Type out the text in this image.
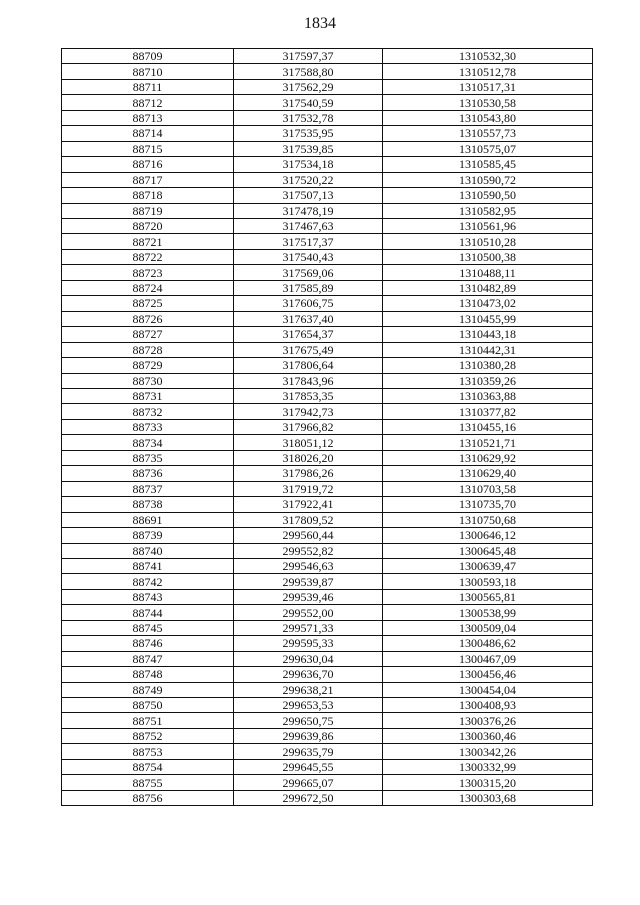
1834
88709	317597,37	1310532,30
88710	317588,80	1310512,78
88711	317562,29	1310517,31
88712	317540,59	1310530,58
88713	317532,78	1310543,80
88714	317535,95	1310557,73
88715	317539,85	1310575,07
88716	317534,18	1310585,45
88717	317520,22	1310590,72
88718	317507,13	1310590,50
88719	317478,19	1310582,95
88720	317467,63	1310561,96
88721	317517,37	1310510,28
88722	317540,43	1310500,38
88723	317569,06	1310488,11
88724	317585,89	1310482,89
88725	317606,75	1310473,02
88726	317637,40	1310455,99
88727	317654,37	1310443,18
88728	317675,49	1310442,31
88729	317806,64	1310380,28
88730	317843,96	1310359,26
88731	317853,35	1310363,88
88732	317942,73	1310377,82
88733	317966,82	1310455,16
88734	318051,12	1310521,71
88735	318026,20	1310629,92
88736	317986,26	1310629,40
88737	317919,72	1310703,58
88738	317922,41	1310735,70
88691	317809,52	1310750,68
88739	299560,44	1300646,12
88740	299552,82	1300645,48
88741	299546,63	1300639,47
88742	299539,87	1300593,18
88743	299539,46	1300565,81
88744	299552,00	1300538,99
88745	299571,33	1300509,04
88746	299595,33	1300486,62
88747	299630,04	1300467,09
88748	299636,70	1300456,46
88749	299638,21	1300454,04
88750	299653,53	1300408,93
88751	299650,75	1300376,26
88752	299639,86	1300360,46
88753	299635,79	1300342,26
88754	299645,55	1300332,99
88755	299665,07	1300315,20
88756	299672,50	1300303,68
